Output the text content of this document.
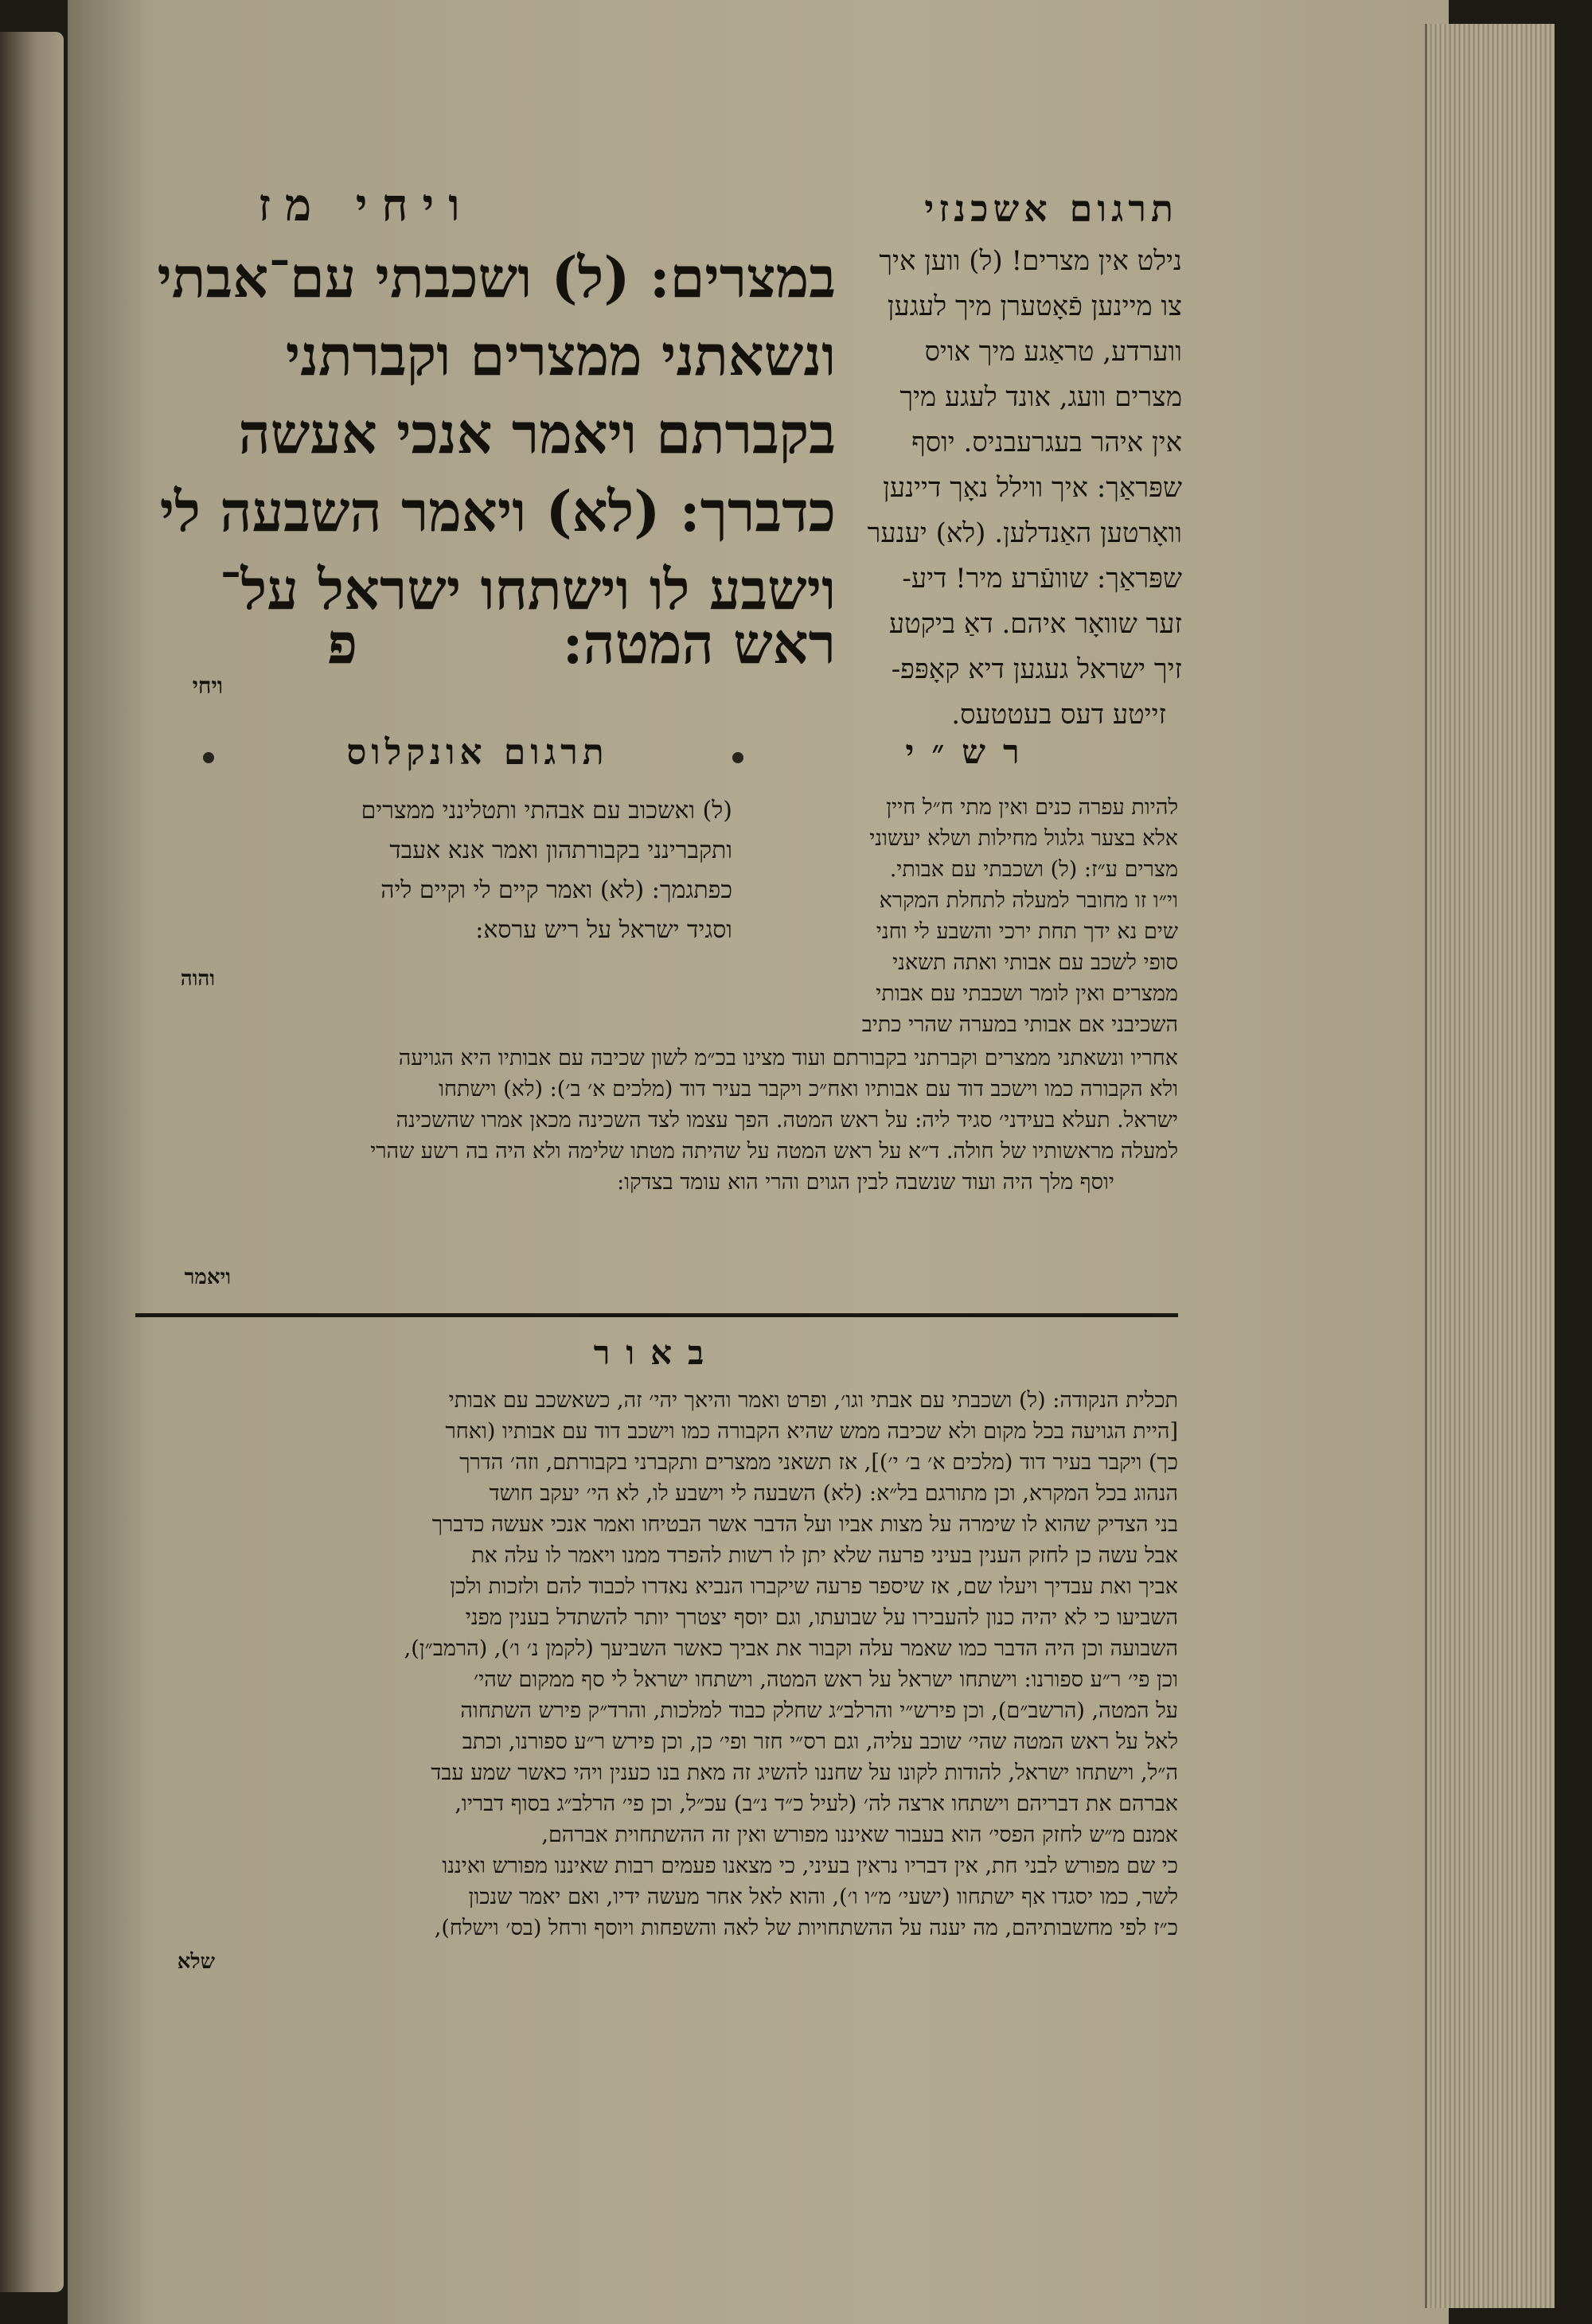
תרגום אשכנזי
ויחי מז
במצרים: (ל) ושכבתי עם־אבתי
ונשאתני ממצרים וקברתני
בקברתם ויאמר אנכי אעשה
כדברך: (לא) ויאמר השבעה לי
וישבע לו וישתחו ישראל על־
ראש המטה:
פ
ויחי
נילט אין מצרים! (ל) ווען איך
צו מיינען פֿאָטערן מיך לעגען
ווערדע, טראַגע מיך אויס
מצרים וועג, אונד לעגע מיך
אין איהר בעגרעבניס. יוסף
שפּראַך: איך ווילל נאָך דיינען
וואָרטען האַנדלען. (לא) יענער
שפּראַך: שוועֿרע מיר! דיע-
זער שוואָר איהם. דאַ ביקטע
זיך ישראל געגען דיא קאָפּפ-
זייטע דעס בעטטעס.
תרגום אונקלוס
(ל) ואשכוב עם אבהתי ותטלינני ממצרים
ותקברינני בקבורתהון ואמר אנא אעבד
כפתגמך: (לא) ואמר קיים לי וקיים ליה
וסגיד ישראל על ריש ערסא:
והוה
רש״י
להיות עפרה כנים ואין מתי ח״ל חיין
אלא בצער גלגול מחילות ושלא יעשוני
מצרים ע״ז: (ל) ושכבתי עם אבותי.
וי״ו זו מחובר למעלה לתחלת המקרא
שים נא ידך תחת ירכי והשבע לי וחני
סופי לשכב עם אבותי ואתה תשאני
ממצרים ואין לומר ושכבתי עם אבותי
השכיבני אם אבותי במערה שהרי כתיב
אחריו ונשאתני ממצרים וקברתני בקבורתם ועוד מצינו בכ״מ לשון שכיבה עם אבותיו היא הגויעה
ולא הקבורה כמו וישכב דוד עם אבותיו ואח״כ ויקבר בעיר דוד (מלכים א׳ ב׳): (לא) וישתחו
ישראל. תעלא בעידני׳ סגיד ליה: על ראש המטה. הפך עצמו לצד השכינה מכאן אמרו שהשכינה
למעלה מראשותיו של חולה. ד״א על ראש המטה על שהיתה מטתו שלימה ולא היה בה רשע שהרי
יוסף מלך היה ועוד שנשבה לבין הגוים והרי הוא עומד בצדקו:
ויאמר
באור
תכלית הנקודה: (ל) ושכבתי עם אבתי וגו׳, ופרט ואמר והיאך יהי׳ זה, כשאשכב עם אבותי
[היית הגויעה בכל מקום ולא שכיבה ממש שהיא הקבורה כמו וישכב דוד עם אבותיו (ואחר
כך) ויקבר בעיר דוד (מלכים א׳ ב׳ י׳)], אז תשאני ממצרים ותקברני בקבורתם, וזה׳ הדרך
הנהוג בכל המקרא, וכן מתורגם בל״א: (לא) השבעה לי וישבע לו, לא הי׳ יעקב חושד
בני הצדיק שהוא לו שימרה על מצות אביו ועל הדבר אשר הבטיחו ואמר אנכי אעשה כדברך
אבל עשה כן לחזק הענין בעיני פרעה שלא יתן לו רשות להפרד ממנו ויאמר לו עלה את
אביך ואת עבדיך ויעלו שם, אז שיספר פרעה שיקברו הנביא נאדרו לכבוד להם ולזכות ולכן
השביעו כי לא יהיה כנון להעבירו על שבועתו, וגם יוסף יצטרך יותר להשתדל בענין מפני
השבועה וכן היה הדבר כמו שאמר עלה וקבור את אביך כאשר השביעך (לקמן נ׳ ו׳), (הרמב״ן),
וכן פי׳ ר״ע ספורנו: וישתחו ישראל על ראש המטה, וישתחו ישראל לי סף ממקום שהי׳
על המטה, (הרשב״ם), וכן פירש״י והרלב״ג שחלק כבוד למלכות, והרד״ק פירש השתחוה
לאל על ראש המטה שהי׳ שוכב עליה, וגם רס״י חזר ופי׳ כן, וכן פירש ר״ע ספורנו, וכתב
ה״ל, וישתחו ישראל, להודות לקונו על שחננו להשיג זה מאת בנו כענין ויהי כאשר שמע עבד
אברהם את דבריהם וישתחו ארצה לה׳ (לעיל כ״ד נ״ב) עכ״ל, וכן פי׳ הרלב״ג בסוף דבריו,
אמנם מ״ש לחזק הפסי׳ הוא בעבור שאיננו מפורש ואין זה ההשתחוית אברהם,
כי שם מפורש לבני חת, אין דבריו נראין בעיני, כי מצאנו פעמים רבות שאיננו מפורש ואיננו
לשר, כמו יסגדו אף ישתחוו (ישעי׳ מ״ו ו׳), והוא לאל אחר מעשה ידיו, ואם יאמר שנכון
כ״ז לפי מחשבותיהם, מה יענה על ההשתחויות של לאה והשפחות ויוסף ורחל (בס׳ וישלח),
שלא
